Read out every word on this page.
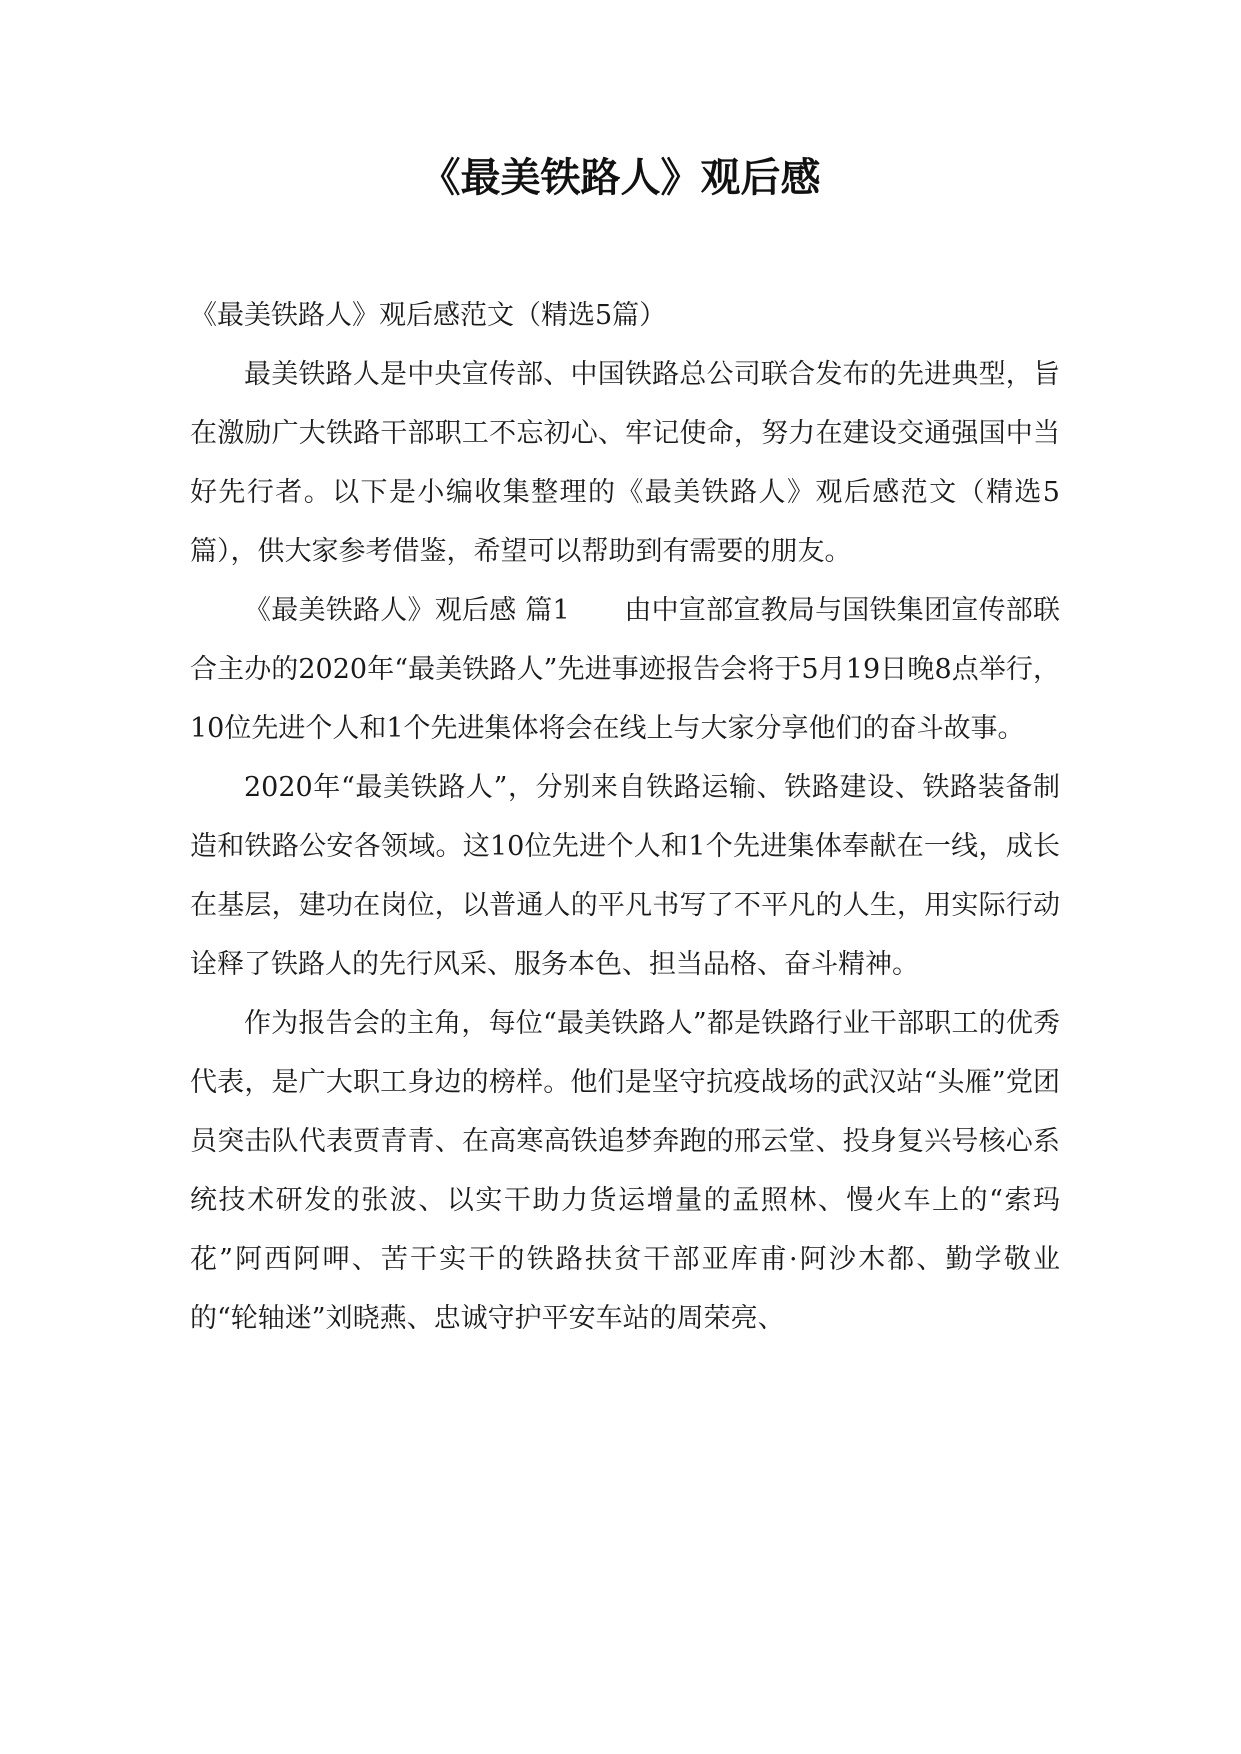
《最美铁路人》观后感

《最美铁路人》观后感范文（精选5篇）

最美铁路人是中央宣传部、中国铁路总公司联合发布的先进典型，旨在激励广大铁路干部职工不忘初心、牢记使命，努力在建设交通强国中当好先行者。以下是小编收集整理的《最美铁路人》观后感范文（精选5篇），供大家参考借鉴，希望可以帮助到有需要的朋友。

《最美铁路人》观后感 篇1　　由中宣部宣教局与国铁集团宣传部联合主办的2020年“最美铁路人”先进事迹报告会将于5月19日晚8点举行，10位先进个人和1个先进集体将会在线上与大家分享他们的奋斗故事。

2020年“最美铁路人”，分别来自铁路运输、铁路建设、铁路装备制造和铁路公安各领域。这10位先进个人和1个先进集体奉献在一线，成长在基层，建功在岗位，以普通人的平凡书写了不平凡的人生，用实际行动诠释了铁路人的先行风采、服务本色、担当品格、奋斗精神。

作为报告会的主角，每位“最美铁路人”都是铁路行业干部职工的优秀代表，是广大职工身边的榜样。他们是坚守抗疫战场的武汉站“头雁”党团员突击队代表贾青青、在高寒高铁追梦奔跑的邢云堂、投身复兴号核心系统技术研发的张波、以实干助力货运增量的孟照林、慢火车上的“索玛花”阿西阿呷、苦干实干的铁路扶贫干部亚库甫·阿沙木都、勤学敬业的“轮轴迷”刘晓燕、忠诚守护平安车站的周荣亮、
